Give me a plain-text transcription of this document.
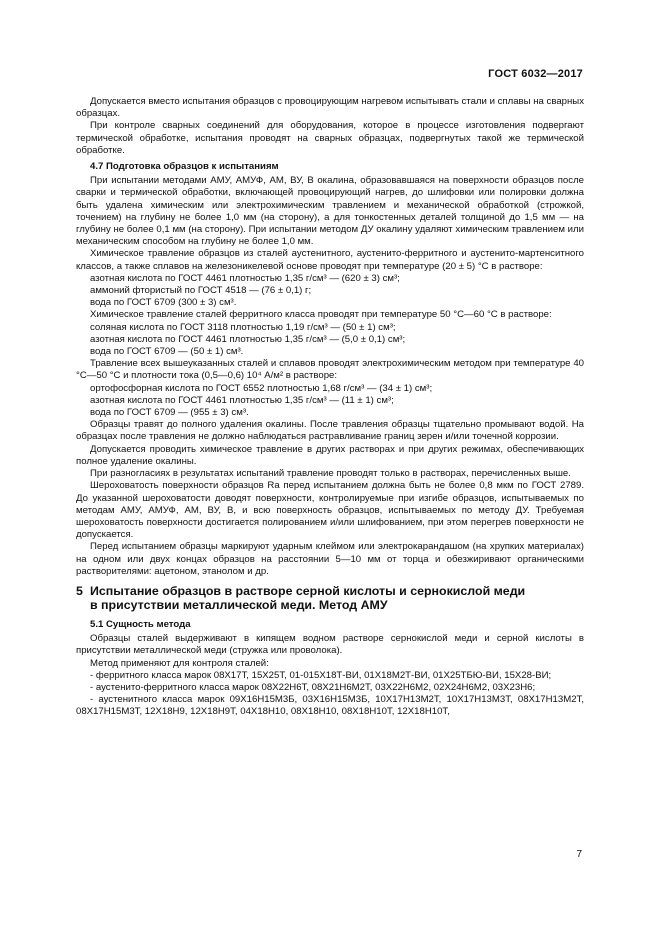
ГОСТ 6032—2017

Допускается вместо испытания образцов с провоцирующим нагревом испытывать стали и сплавы на сварных образцах.

При контроле сварных соединений для оборудования, которое в процессе изготовления подвергают термической обработке, испытания проводят на сварных образцах, подвергнутых такой же термической обработке.

4.7 Подготовка образцов к испытаниям

При испытании методами АМУ, АМУФ, АМ, ВУ, В окалина, образовавшаяся на поверхности образцов после сварки и термической обработки, включающей провоцирующий нагрев, до шлифовки или полировки должна быть удалена химическим или электрохимическим травлением и механической обработкой (строжкой, точением) на глубину не более 1,0 мм (на сторону), а для тонкостенных деталей толщиной до 1,5 мм — на глубину не более 0,1 мм (на сторону). При испытании методом ДУ окалину удаляют химическим травлением или механическим способом на глубину не более 1,0 мм.

Химическое травление образцов из сталей аустенитного, аустенито-ферритного и аустенито-мартенситного классов, а также сплавов на железоникелевой основе проводят при температуре (20 ± 5) °С в растворе:

азотная кислота по ГОСТ 4461 плотностью 1,35 г/см³ — (620 ± 3) см³;

аммоний фтористый по ГОСТ 4518 — (76 ± 0,1) г;

вода по ГОСТ 6709 (300 ± 3) см³.

Химическое травление сталей ферритного класса проводят при температуре 50 °С—60 °С в растворе:

соляная кислота по ГОСТ 3118 плотностью 1,19 г/см³ — (50 ± 1) см³;

азотная кислота по ГОСТ 4461 плотностью 1,35 г/см³ — (5,0 ± 0,1) см³;

вода по ГОСТ 6709 — (50 ± 1) см³.

Травление всех вышеуказанных сталей и сплавов проводят электрохимическим методом при температуре 40 °С—50 °С и плотности тока (0,5—0,6) 10⁴ А/м² в растворе:

ортофосфорная кислота по ГОСТ 6552 плотностью 1,68 г/см³ — (34 ± 1) см³;

азотная кислота по ГОСТ 4461 плотностью 1,35 г/см³ — (11 ± 1) см³;

вода по ГОСТ 6709 — (955 ± 3) см³.

Образцы травят до полного удаления окалины. После травления образцы тщательно промывают водой. На образцах после травления не должно наблюдаться растравливание границ зерен и/или точечной коррозии.

Допускается проводить химическое травление в других растворах и при других режимах, обеспечивающих полное удаление окалины.

При разногласиях в результатах испытаний травление проводят только в растворах, перечисленных выше.

Шероховатость поверхности образцов Ra перед испытанием должна быть не более 0,8 мкм по ГОСТ 2789. До указанной шероховатости доводят поверхности, контролируемые при изгибе образцов, испытываемых по методам АМУ, АМУФ, АМ, ВУ, В, и всю поверхность образцов, испытываемых по методу ДУ. Требуемая шероховатость поверхности достигается полированием и/или шлифованием, при этом перегрев поверхности не допускается.

Перед испытанием образцы маркируют ударным клеймом или электрокарандашом (на хрупких материалах) на одном или двух концах образцов на расстоянии 5—10 мм от торца и обезжиривают органическими растворителями: ацетоном, этанолом и др.

5 Испытание образцов в растворе серной кислоты и сернокислой меди
в присутствии металлической меди. Метод АМУ
5.1 Сущность метода

Образцы сталей выдерживают в кипящем водном растворе сернокислой меди и серной кислоты в присутствии металлической меди (стружка или проволока).

Метод применяют для контроля сталей:

- ферритного класса марок 08Х17Т, 15Х25Т, 01-015Х18Т-ВИ, 01Х18М2Т-ВИ, 01Х25ТБЮ-ВИ, 15Х28-ВИ;

- аустенито-ферритного класса марок 08Х22Н6Т, 08Х21Н6М2Т, 03Х22Н6М2, 02Х24Н6М2, 03Х23Н6;

- аустенитного класса марок 09Х16Н15М3Б, 03Х16Н15М3Б, 10Х17Н13М2Т, 10Х17Н13М3Т, 08Х17Н13М2Т, 08Х17Н15М3Т, 12Х18Н9, 12Х18Н9Т, 04Х18Н10, 08Х18Н10, 08Х18Н10Т, 12Х18Н10Т,

7
